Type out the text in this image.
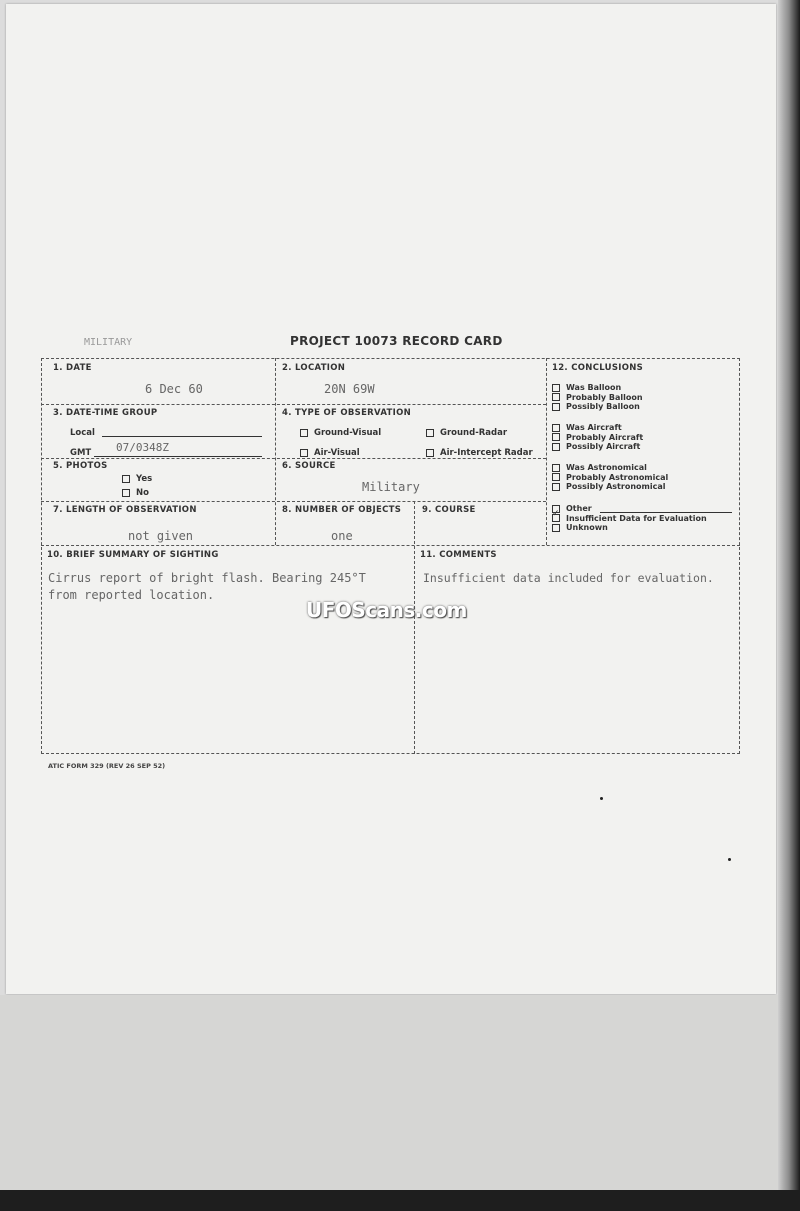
MILITARY	PROJECT 10073 RECORD CARD
1. DATE
6 Dec 60
2. LOCATION
20N 69W
3. DATE-TIME GROUP
Local
GMT 07/0348Z
4. TYPE OF OBSERVATION
Ground-Visual	Ground-Radar
Air-Visual	Air-Intercept Radar
5. PHOTOS
Yes
No
6. SOURCE
Military
7. LENGTH OF OBSERVATION
not given
8. NUMBER OF OBJECTS
one
9. COURSE
10. BRIEF SUMMARY OF SIGHTING
Cirrus report of bright flash. Bearing 245°T
from reported location.
11. COMMENTS
Insufficient data included for evaluation.
12. CONCLUSIONS
Was Balloon
Probably Balloon
Possibly Balloon
Was Aircraft
Probably Aircraft
Possibly Aircraft
Was Astronomical
Probably Astronomical
Possibly Astronomical
Other
✓ Insufficient Data for Evaluation
Unknown
ATIC FORM 329 (REV 26 SEP 52)
UFOScans.com
